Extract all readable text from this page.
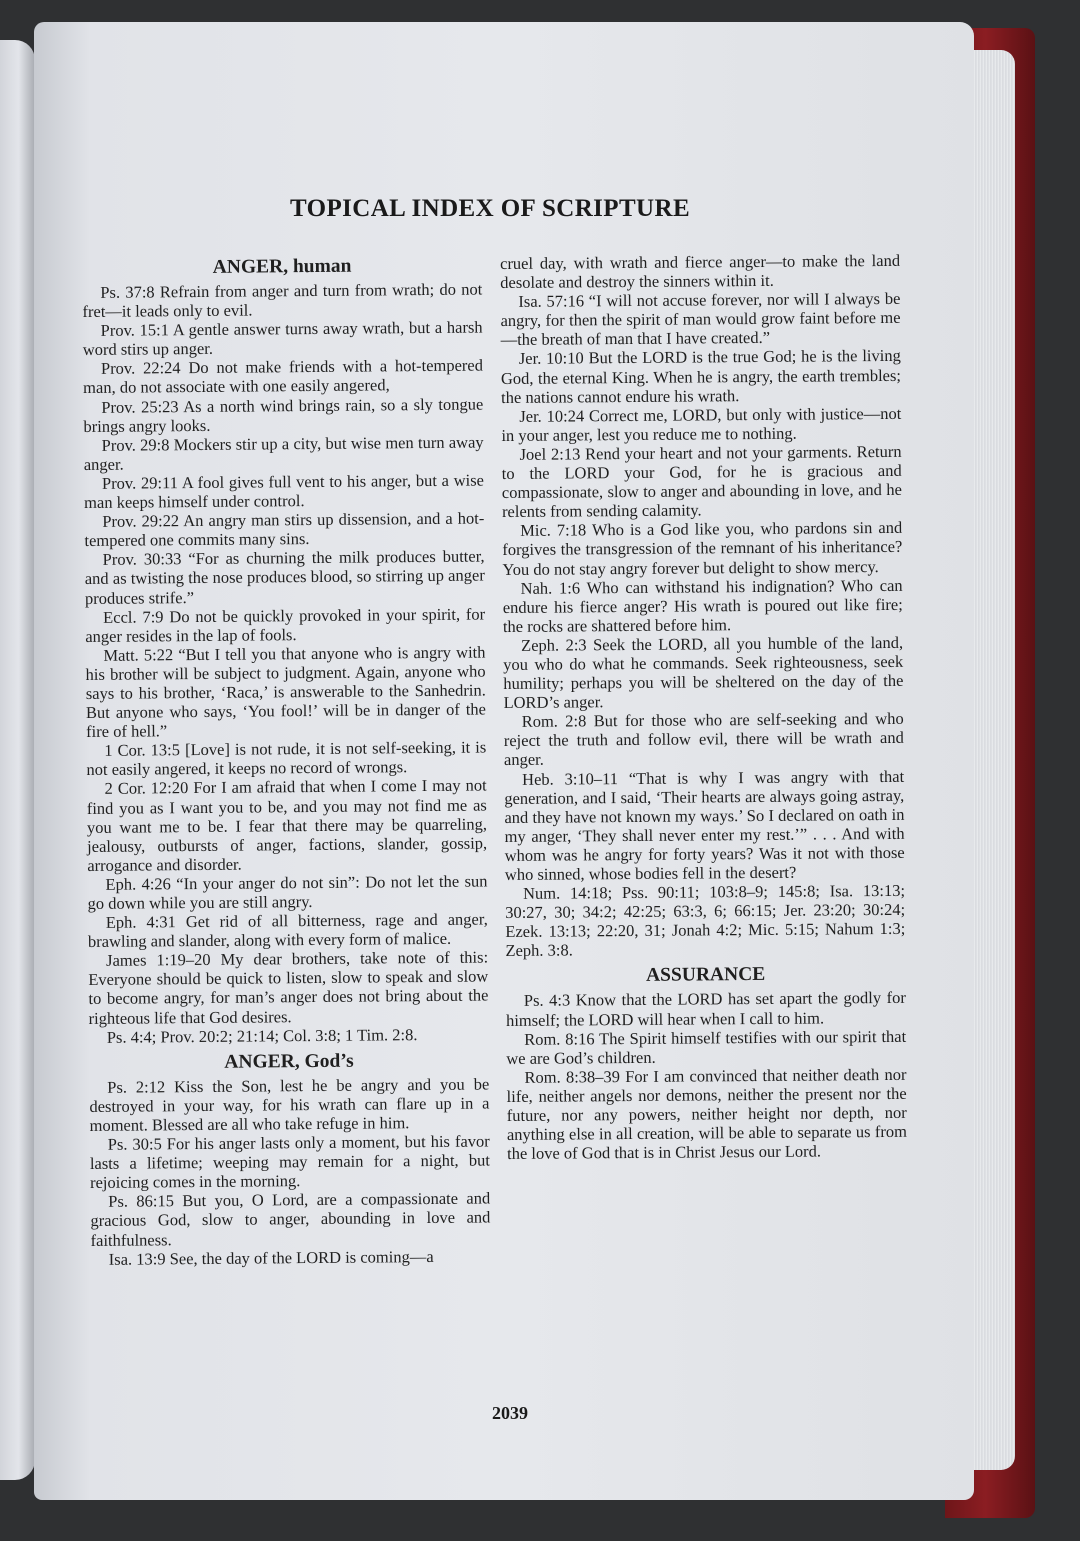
TOPICAL INDEX OF SCRIPTURE
ANGER, human

Ps. 37:8 Refrain from anger and turn from wrath; do not fret—it leads only to evil.

Prov. 15:1 A gentle answer turns away wrath, but a harsh word stirs up anger.

Prov. 22:24 Do not make friends with a hot-tempered man, do not associate with one easily angered,

Prov. 25:23 As a north wind brings rain, so a sly tongue brings angry looks.

Prov. 29:8 Mockers stir up a city, but wise men turn away anger.

Prov. 29:11 A fool gives full vent to his anger, but a wise man keeps himself under control.

Prov. 29:22 An angry man stirs up dissension, and a hot-tempered one commits many sins.

Prov. 30:33 “For as churning the milk produces butter, and as twisting the nose produces blood, so stirring up anger produces strife.”

Eccl. 7:9 Do not be quickly provoked in your spirit, for anger resides in the lap of fools.

Matt. 5:22 “But I tell you that anyone who is angry with his brother will be subject to judgment. Again, anyone who says to his brother, ‘Raca,’ is answerable to the Sanhedrin. But anyone who says, ‘You fool!’ will be in danger of the fire of hell.”

1 Cor. 13:5 [Love] is not rude, it is not self-seeking, it is not easily angered, it keeps no record of wrongs.

2 Cor. 12:20 For I am afraid that when I come I may not find you as I want you to be, and you may not find me as you want me to be. I fear that there may be quarreling, jealousy, outbursts of anger, factions, slander, gossip, arrogance and disorder.

Eph. 4:26 “In your anger do not sin”: Do not let the sun go down while you are still angry.

Eph. 4:31 Get rid of all bitterness, rage and anger, brawling and slander, along with every form of malice.

James 1:19–20 My dear brothers, take note of this: Everyone should be quick to listen, slow to speak and slow to become angry, for man’s anger does not bring about the righteous life that God desires.

Ps. 4:4; Prov. 20:2; 21:14; Col. 3:8; 1 Tim. 2:8.

ANGER, God’s

Ps. 2:12 Kiss the Son, lest he be angry and you be destroyed in your way, for his wrath can flare up in a moment. Blessed are all who take refuge in him.

Ps. 30:5 For his anger lasts only a moment, but his favor lasts a lifetime; weeping may remain for a night, but rejoicing comes in the morning.

Ps. 86:15 But you, O Lord, are a compassionate and gracious God, slow to anger, abounding in love and faithfulness.

Isa. 13:9 See, the day of the LORD is coming—a

cruel day, with wrath and fierce anger—to make the land desolate and destroy the sinners within it.

Isa. 57:16 “I will not accuse forever, nor will I always be angry, for then the spirit of man would grow faint before me—the breath of man that I have created.”

Jer. 10:10 But the LORD is the true God; he is the living God, the eternal King. When he is angry, the earth trembles; the nations cannot endure his wrath.

Jer. 10:24 Correct me, LORD, but only with justice—not in your anger, lest you reduce me to nothing.

Joel 2:13 Rend your heart and not your garments. Return to the LORD your God, for he is gracious and compassionate, slow to anger and abounding in love, and he relents from sending calamity.

Mic. 7:18 Who is a God like you, who pardons sin and forgives the transgression of the remnant of his inheritance? You do not stay angry forever but delight to show mercy.

Nah. 1:6 Who can withstand his indignation? Who can endure his fierce anger? His wrath is poured out like fire; the rocks are shattered before him.

Zeph. 2:3 Seek the LORD, all you humble of the land, you who do what he commands. Seek righteousness, seek humility; perhaps you will be sheltered on the day of the LORD’s anger.

Rom. 2:8 But for those who are self-seeking and who reject the truth and follow evil, there will be wrath and anger.

Heb. 3:10–11 “That is why I was angry with that generation, and I said, ‘Their hearts are always going astray, and they have not known my ways.’ So I declared on oath in my anger, ‘They shall never enter my rest.’” . . . And with whom was he angry for forty years? Was it not with those who sinned, whose bodies fell in the desert?

Num. 14:18; Pss. 90:11; 103:8–9; 145:8; Isa. 13:13; 30:27, 30; 34:2; 42:25; 63:3, 6; 66:15; Jer. 23:20; 30:24; Ezek. 13:13; 22:20, 31; Jonah 4:2; Mic. 5:15; Nahum 1:3; Zeph. 3:8.

ASSURANCE

Ps. 4:3 Know that the LORD has set apart the godly for himself; the LORD will hear when I call to him.

Rom. 8:16 The Spirit himself testifies with our spirit that we are God’s children.

Rom. 8:38–39 For I am convinced that neither death nor life, neither angels nor demons, neither the present nor the future, nor any powers, neither height nor depth, nor anything else in all creation, will be able to separate us from the love of God that is in Christ Jesus our Lord.

2039
